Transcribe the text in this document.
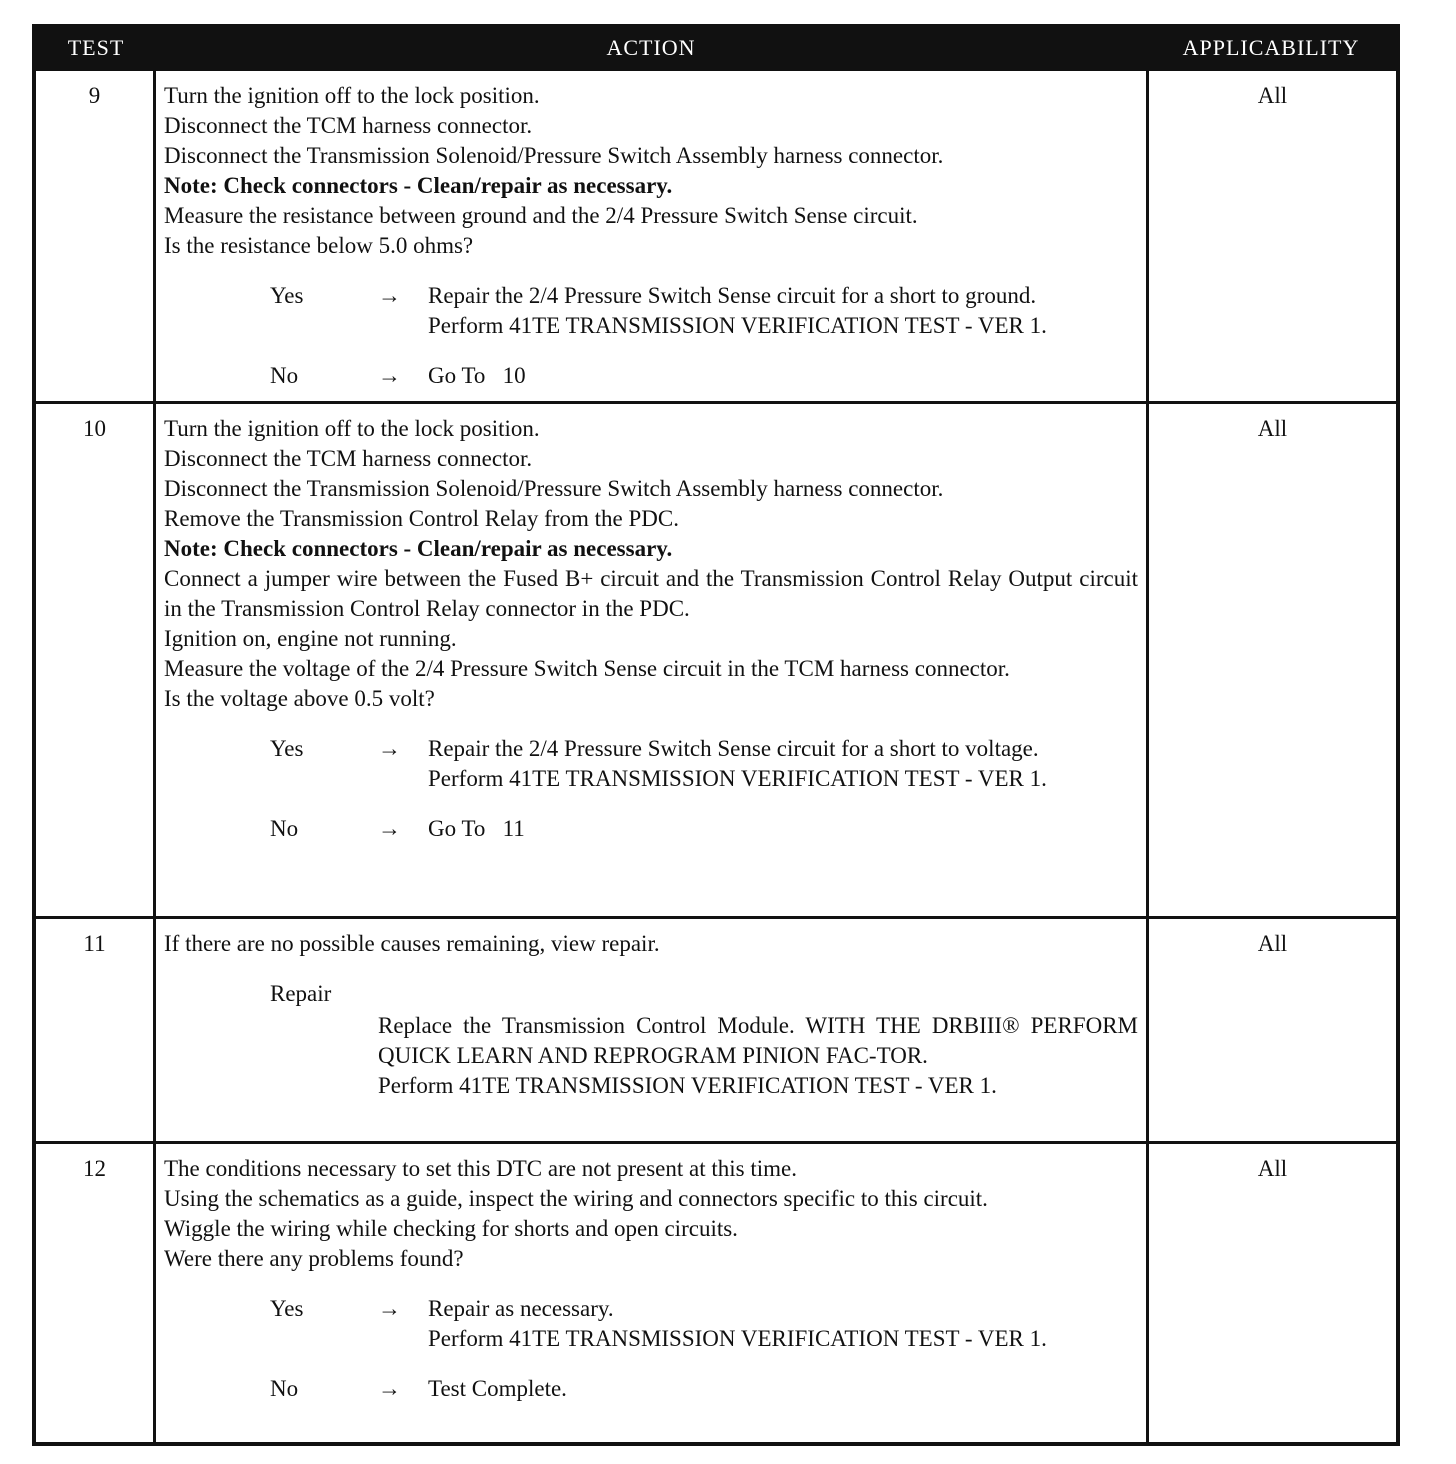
TEST	ACTION	APPLICABILITY
9	Turn the ignition off to the lock position.
Disconnect the TCM harness connector.
Disconnect the Transmission Solenoid/Pressure Switch Assembly harness connector.
Note: Check connectors - Clean/repair as necessary.
Measure the resistance between ground and the 2/4 Pressure Switch Sense circuit.
Is the resistance below 5.0 ohms?
Yes	→	Repair the 2/4 Pressure Switch Sense circuit for a short to ground.
Perform 41TE TRANSMISSION VERIFICATION TEST - VER 1.
No	→	Go To   10
All
10	Turn the ignition off to the lock position.
Disconnect the TCM harness connector.
Disconnect the Transmission Solenoid/Pressure Switch Assembly harness connector.
Remove the Transmission Control Relay from the PDC.
Note: Check connectors - Clean/repair as necessary.
Connect a jumper wire between the Fused B+ circuit and the Transmission Control Relay Output circuit in the Transmission Control Relay connector in the PDC.
Ignition on, engine not running.
Measure the voltage of the 2/4 Pressure Switch Sense circuit in the TCM harness connector.
Is the voltage above 0.5 volt?
Yes	→	Repair the 2/4 Pressure Switch Sense circuit for a short to voltage.
Perform 41TE TRANSMISSION VERIFICATION TEST - VER 1.
No	→	Go To   11
All
11	If there are no possible causes remaining, view repair.
Repair
Replace the Transmission Control Module. WITH THE DRBIII® PERFORM QUICK LEARN AND REPROGRAM PINION FAC-TOR.
Perform 41TE TRANSMISSION VERIFICATION TEST - VER 1.
All
12	The conditions necessary to set this DTC are not present at this time.
Using the schematics as a guide, inspect the wiring and connectors specific to this circuit.
Wiggle the wiring while checking for shorts and open circuits.
Were there any problems found?
Yes	→	Repair as necessary.
Perform 41TE TRANSMISSION VERIFICATION TEST - VER 1.
No	→	Test Complete.
All
